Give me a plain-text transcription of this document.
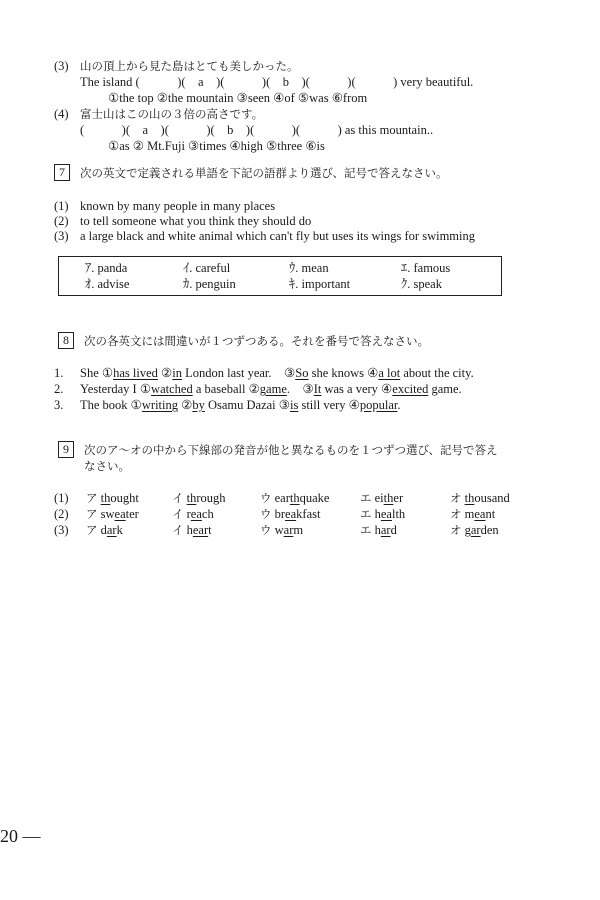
(3) 山の頂上から見た島はとても美しかった。
The island (　　　)(　a　)(　　　)(　b　)(　　　)(　　　) very beautiful.
①the top ②the mountain ③seen ④of ⑤was ⑥from
(4) 富士山はこの山の３倍の高さです。
(　　　)(　a　)(　　　)(　b　)(　　　)(　　　) as this mountain..
①as ② Mt.Fuji ③times ④high ⑤three ⑥is
7	次の英文で定義される単語を下記の語群より選び、記号で答えなさい。
(1) known by many people in many places
(2) to tell someone what you think they should do
(3) a large black and white animal which can't fly but uses its wings for swimming
ｱ. panda	ｲ. careful	ｳ. mean	ｴ. famous
ｵ. advise	ｶ. penguin	ｷ. important	ｸ. speak
8	次の各英文には間違いが１つずつある。それを番号で答えなさい。
1. She ①has lived ②in London last year.　③So she knows ④a lot about the city.
2. Yesterday I ①watched a baseball ②game.　③It was a very ④excited game.
3. The book ①writing ②by Osamu Dazai ③is still very ④popular.
9	次のア～オの中から下線部の発音が他と異なるものを１つずつ選び、記号で答え
なさい。
(1) ア thought	イ through	ウ earthquake	エ either	オ thousand
(2) ア sweater	イ reach	ウ breakfast	エ health	オ meant
(3) ア dark	イ heart	ウ warm	エ hard	オ garden
20 —
